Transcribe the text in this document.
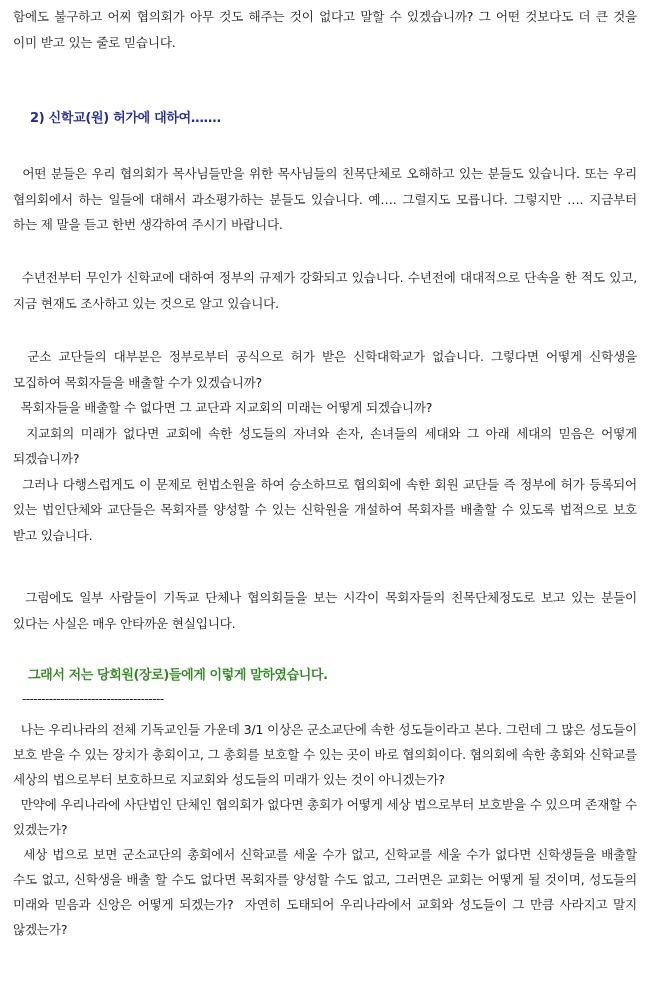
함에도 불구하고 어찌 협의회가 아무 것도 해주는 것이 없다고 말할 수 있겠습니까? 그 어떤 것보다도 더 큰 것을 이미 받고 있는 줄로 믿습니다.

2) 신학교(원) 허가에 대하여…….

어떤 분들은 우리 협의회가 목사님들만을 위한 목사님들의 친목단체로 오해하고 있는 분들도 있습니다. 또는 우리 협의회에서 하는 일들에 대해서 과소평가하는 분들도 있습니다. 예…. 그럴지도 모릅니다. 그렇지만 …. 지금부터 하는 제 말을 듣고 한번 생각하여 주시기 바랍니다.

수년전부터 무인가 신학교에 대하여 정부의 규제가 강화되고 있습니다. 수년전에 대대적으로 단속을 한 적도 있고, 지금 현재도 조사하고 있는 것으로 알고 있습니다.

군소 교단들의 대부분은 정부로부터 공식으로 허가 받은 신학대학교가 없습니다. 그렇다면 어떻게 신학생을 모집하여 목회자들을 배출할 수가 있겠습니까?

목회자들을 배출할 수 없다면 그 교단과 지교회의 미래는 어떻게 되겠습니까?

지교회의 미래가 없다면 교회에 속한 성도들의 자녀와 손자, 손녀들의 세대와 그 아래 세대의 믿음은 어떻게 되겠습니까?

그러나 다행스럽게도 이 문제로 헌법소원을 하여 승소하므로 협의회에 속한 회원 교단들 즉 정부에 허가 등록되어 있는 법인단체와 교단들은 목회자를 양성할 수 있는 신학원을 개설하여 목회자를 배출할 수 있도록 법적으로 보호 받고 있습니다.

그럼에도 일부 사람들이 기독교 단체나 협의회들을 보는 시각이 목회자들의 친목단체정도로 보고 있는 분들이 있다는 사실은 매우 안타까운 현실입니다.

그래서 저는 당회원(장로)들에게 이렇게 말하였습니다.
-------------------------------------

나는 우리나라의 전체 기독교인들 가운데 3/1 이상은 군소교단에 속한 성도들이라고 본다. 그런데 그 많은 성도들이 보호 받을 수 있는 장치가 총회이고, 그 총회를 보호할 수 있는 곳이 바로 협의회이다. 협의회에 속한 총회와 신학교를 세상의 법으로부터 보호하므로 지교회와 성도들의 미래가 있는 것이 아니겠는가?

만약에 우리나라에 사단법인 단체인 협의회가 없다면 총회가 어떻게 세상 법으로부터 보호받을 수 있으며 존재할 수 있겠는가?

세상 법으로 보면 군소교단의 총회에서 신학교를 세울 수가 없고, 신학교를 세울 수가 없다면 신학생들을 배출할 수도 없고, 신학생을 배출 할 수도 없다면 목회자를 양성할 수도 없고, 그러면은 교회는 어떻게 될 것이며, 성도들의 미래와 믿음과 신앙은 어떻게 되겠는가?  자연히 도태되어 우리나라에서 교회와 성도들이 그 만큼 사라지고 말지 않겠는가?
